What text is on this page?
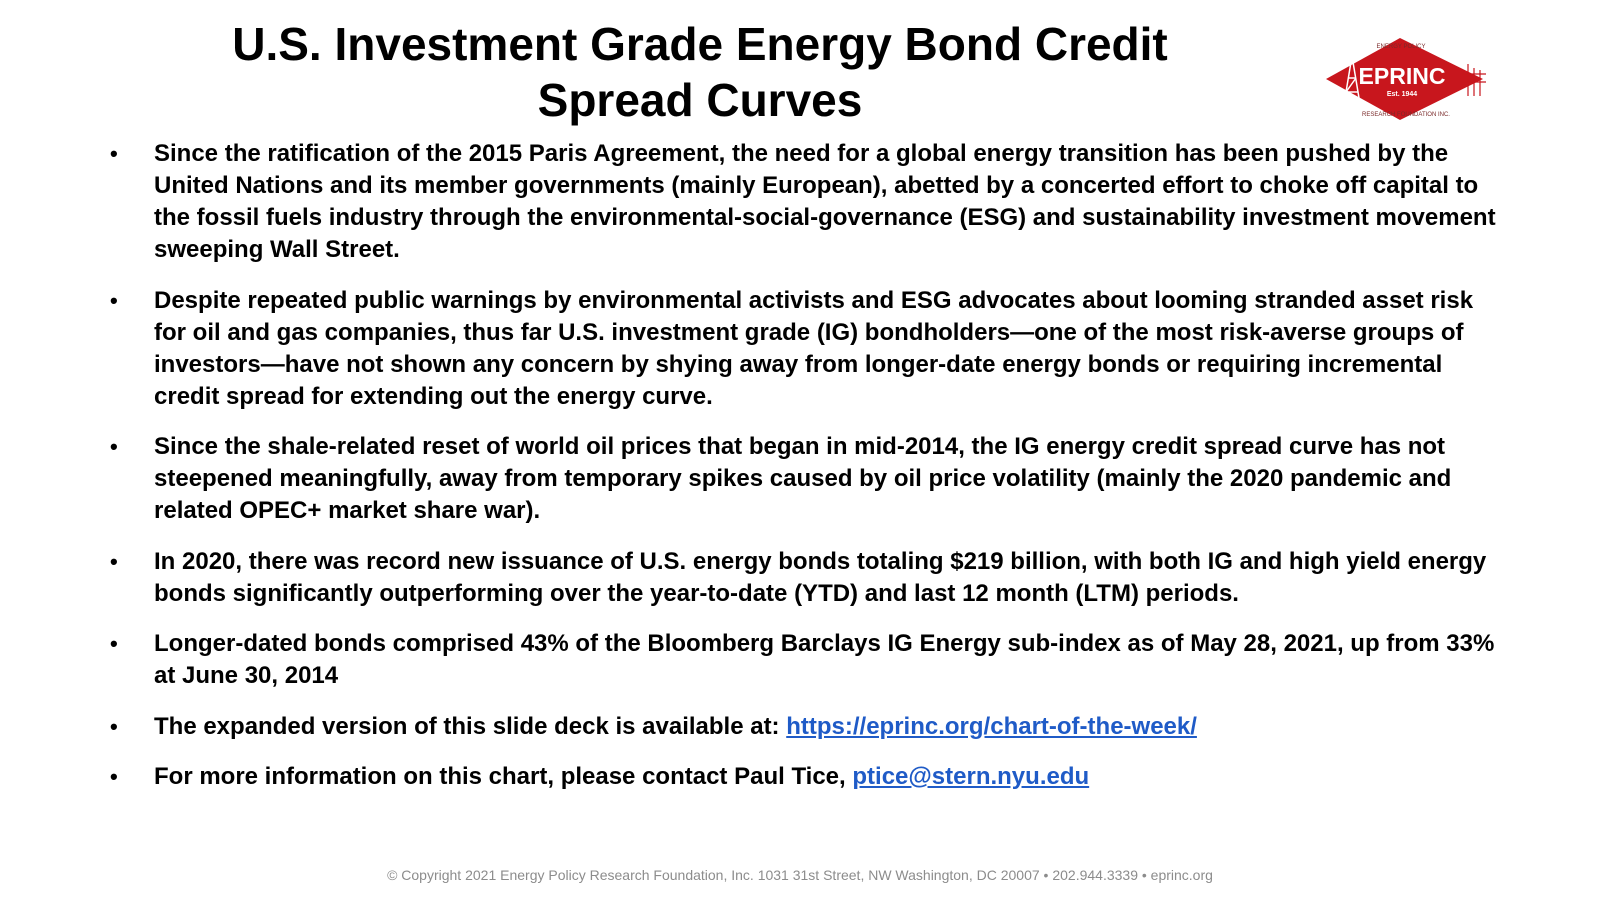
U.S. Investment Grade Energy Bond Credit Spread Curves	EPRINC
Est. 1944
ENERGY POLICY
RESEARCH FOUNDATION INC.
• Since the ratification of the 2015 Paris Agreement, the need for a global energy transition has been pushed by the United Nations and its member governments (mainly European), abetted by a concerted effort to choke off capital to the fossil fuels industry through the environmental-social-governance (ESG) and sustainability investment movement sweeping Wall Street.
• Despite repeated public warnings by environmental activists and ESG advocates about looming stranded asset risk for oil and gas companies, thus far U.S. investment grade (IG) bondholders—one of the most risk-averse groups of investors—have not shown any concern by shying away from longer-date energy bonds or requiring incremental credit spread for extending out the energy curve.
• Since the shale-related reset of world oil prices that began in mid-2014, the IG energy credit spread curve has not steepened meaningfully, away from temporary spikes caused by oil price volatility (mainly the 2020 pandemic and related OPEC+ market share war).
• In 2020, there was record new issuance of U.S. energy bonds totaling $219 billion, with both IG and high yield energy bonds significantly outperforming over the year-to-date (YTD) and last 12 month (LTM) periods.
• Longer-dated bonds comprised 43% of the Bloomberg Barclays IG Energy sub-index as of May 28, 2021, up from 33% at June 30, 2014
• The expanded version of this slide deck is available at: https://eprinc.org/chart-of-the-week/
• For more information on this chart, please contact Paul Tice, ptice@stern.nyu.edu
© Copyright 2021 Energy Policy Research Foundation, Inc. 1031 31st Street, NW Washington, DC 20007 • 202.944.3339 • eprinc.org
